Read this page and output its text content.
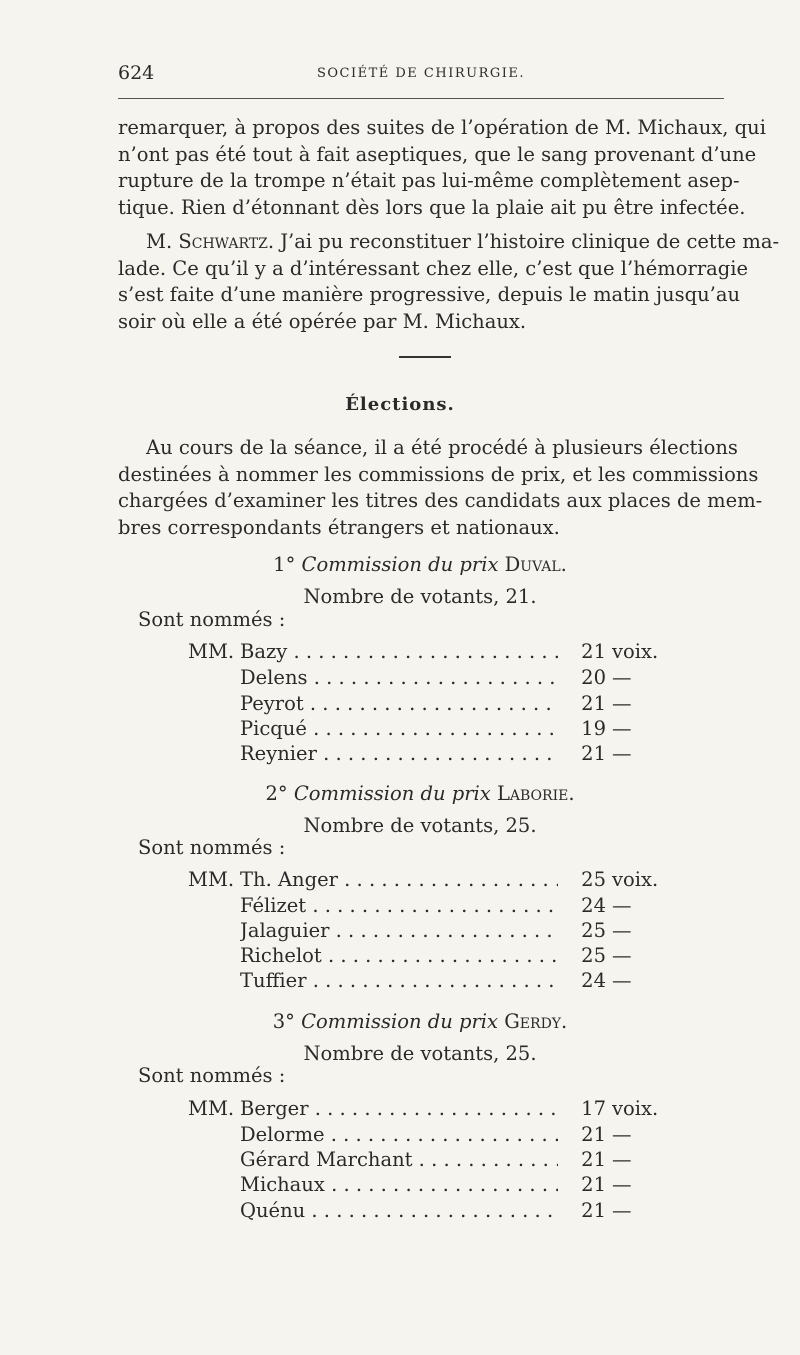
624	SOCIÉTÉ DE CHIRURGIE.
remarquer, à propos des suites de l’opération de M. Michaux, qui
n’ont pas été tout à fait aseptiques, que le sang provenant d’une
rupture de la trompe n’était pas lui-même complètement asep-
tique. Rien d’étonnant dès lors que la plaie ait pu être infectée.
M. Schwartz. J’ai pu reconstituer l’histoire clinique de cette ma-
lade. Ce qu’il y a d’intéressant chez elle, c’est que l’hémorragie
s’est faite d’une manière progressive, depuis le matin jusqu’au
soir où elle a été opérée par M. Michaux.
Élections.
Au cours de la séance, il a été procédé à plusieurs élections
destinées à nommer les commissions de prix, et les commissions
chargées d’examiner les titres des candidats aux places de mem-
bres correspondants étrangers et nationaux.
1° Commission du prix Duval.
Nombre de votants, 21.
Sont nommés :
MM. Bazy . . .	21 voix.
Delens . . .	20 —
Peyrot . . .	21 —
Picqué . . .	19 —
Reynier . . .	21 —
2° Commission du prix Laborie.
Nombre de votants, 25.
Sont nommés :
MM. Th. Anger . . .	25 voix.
Félizet . . .	24 —
Jalaguier . . .	25 —
Richelot . . .	25 —
Tuffier . . .	24 —
3° Commission du prix Gerdy.
Nombre de votants, 25.
Sont nommés :
MM. Berger . . .	17 voix.
Delorme . . .	21 —
Gérard Marchant . . .	21 —
Michaux . . .	21 —
Quénu . . .	21 —
